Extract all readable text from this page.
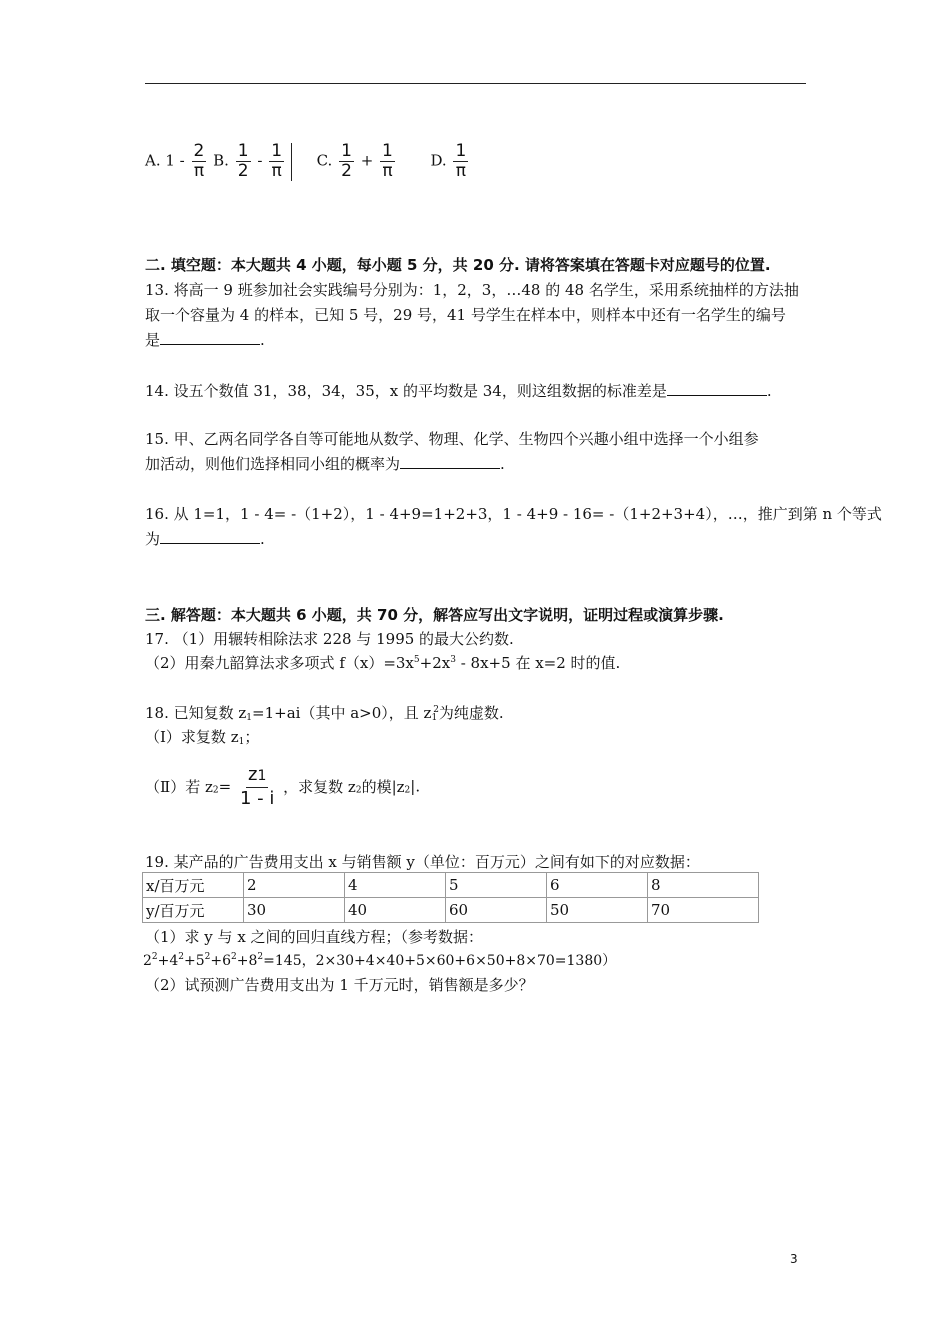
A. $1 - \frac{2}{\pi} B$. $\frac{1}{2} - \frac{1}{\pi} C$. $\frac{1}{2} + \frac{1}{\pi} D$. $\frac{1}{\pi}$
二. 填空题：本大题共 4 小题，每小题 5 分，共 20 分. 请将答案填在答题卡对应题号的位置.
13. 将高一 9 班参加社会实践编号分别为：1，2，3，…48 的 48 名学生，采用系统抽样的方法抽
取一个容量为 4 的样本，已知 5 号，29 号，41 号学生在样本中，则样本中还有一名学生的编号
是	.
14. 设五个数值 31，38，34，35，x 的平均数是 34，则这组数据的标准差是	.
15. 甲、乙两名同学各自等可能地从数学、物理、化学、生物四个兴趣小组中选择一个小组参
加活动，则他们选择相同小组的概率为	.
16. 从 1=1，1 - 4= -（1+2），1 - 4+9=1+2+3，1 - 4+9 - 16= -（1+2+3+4），…，推广到第 n 个等式
为	.
三. 解答题：本大题共 6 小题，共 70 分，解答应写出文字说明，证明过程或演算步骤.
17. （1）用辗转相除法求 228 与 1995 的最大公约数.
（2）用秦九韶算法求多项式 $f(x)=3x^5+2x^3 - 8x+5$ 在 x=2 时的值.
18. 已知复数 $z_1=1+ai$（其中 a>0），且 $z_1^2$为纯虚数.
（Ⅰ）求复数 $z_1$；
（Ⅱ）若 $z_2= \frac{z1}{1 - i}$ ，求复数 $z_2$的模$|z_2|$.
19. 某产品的广告费用支出 x 与销售额 y（单位：百万元）之间有如下的对应数据：
x/百万元	2	4	5	6	8
y/百万元	30	40	60	50	70
（1）求 y 与 x 之间的回归直线方程；（参考数据：
$2^2+4^2+5^2+6^2+8^2=145$，2×30+4×40+5×60+6×50+8×70=1380）
（2）试预测广告费用支出为 1 千万元时，销售额是多少？
3
